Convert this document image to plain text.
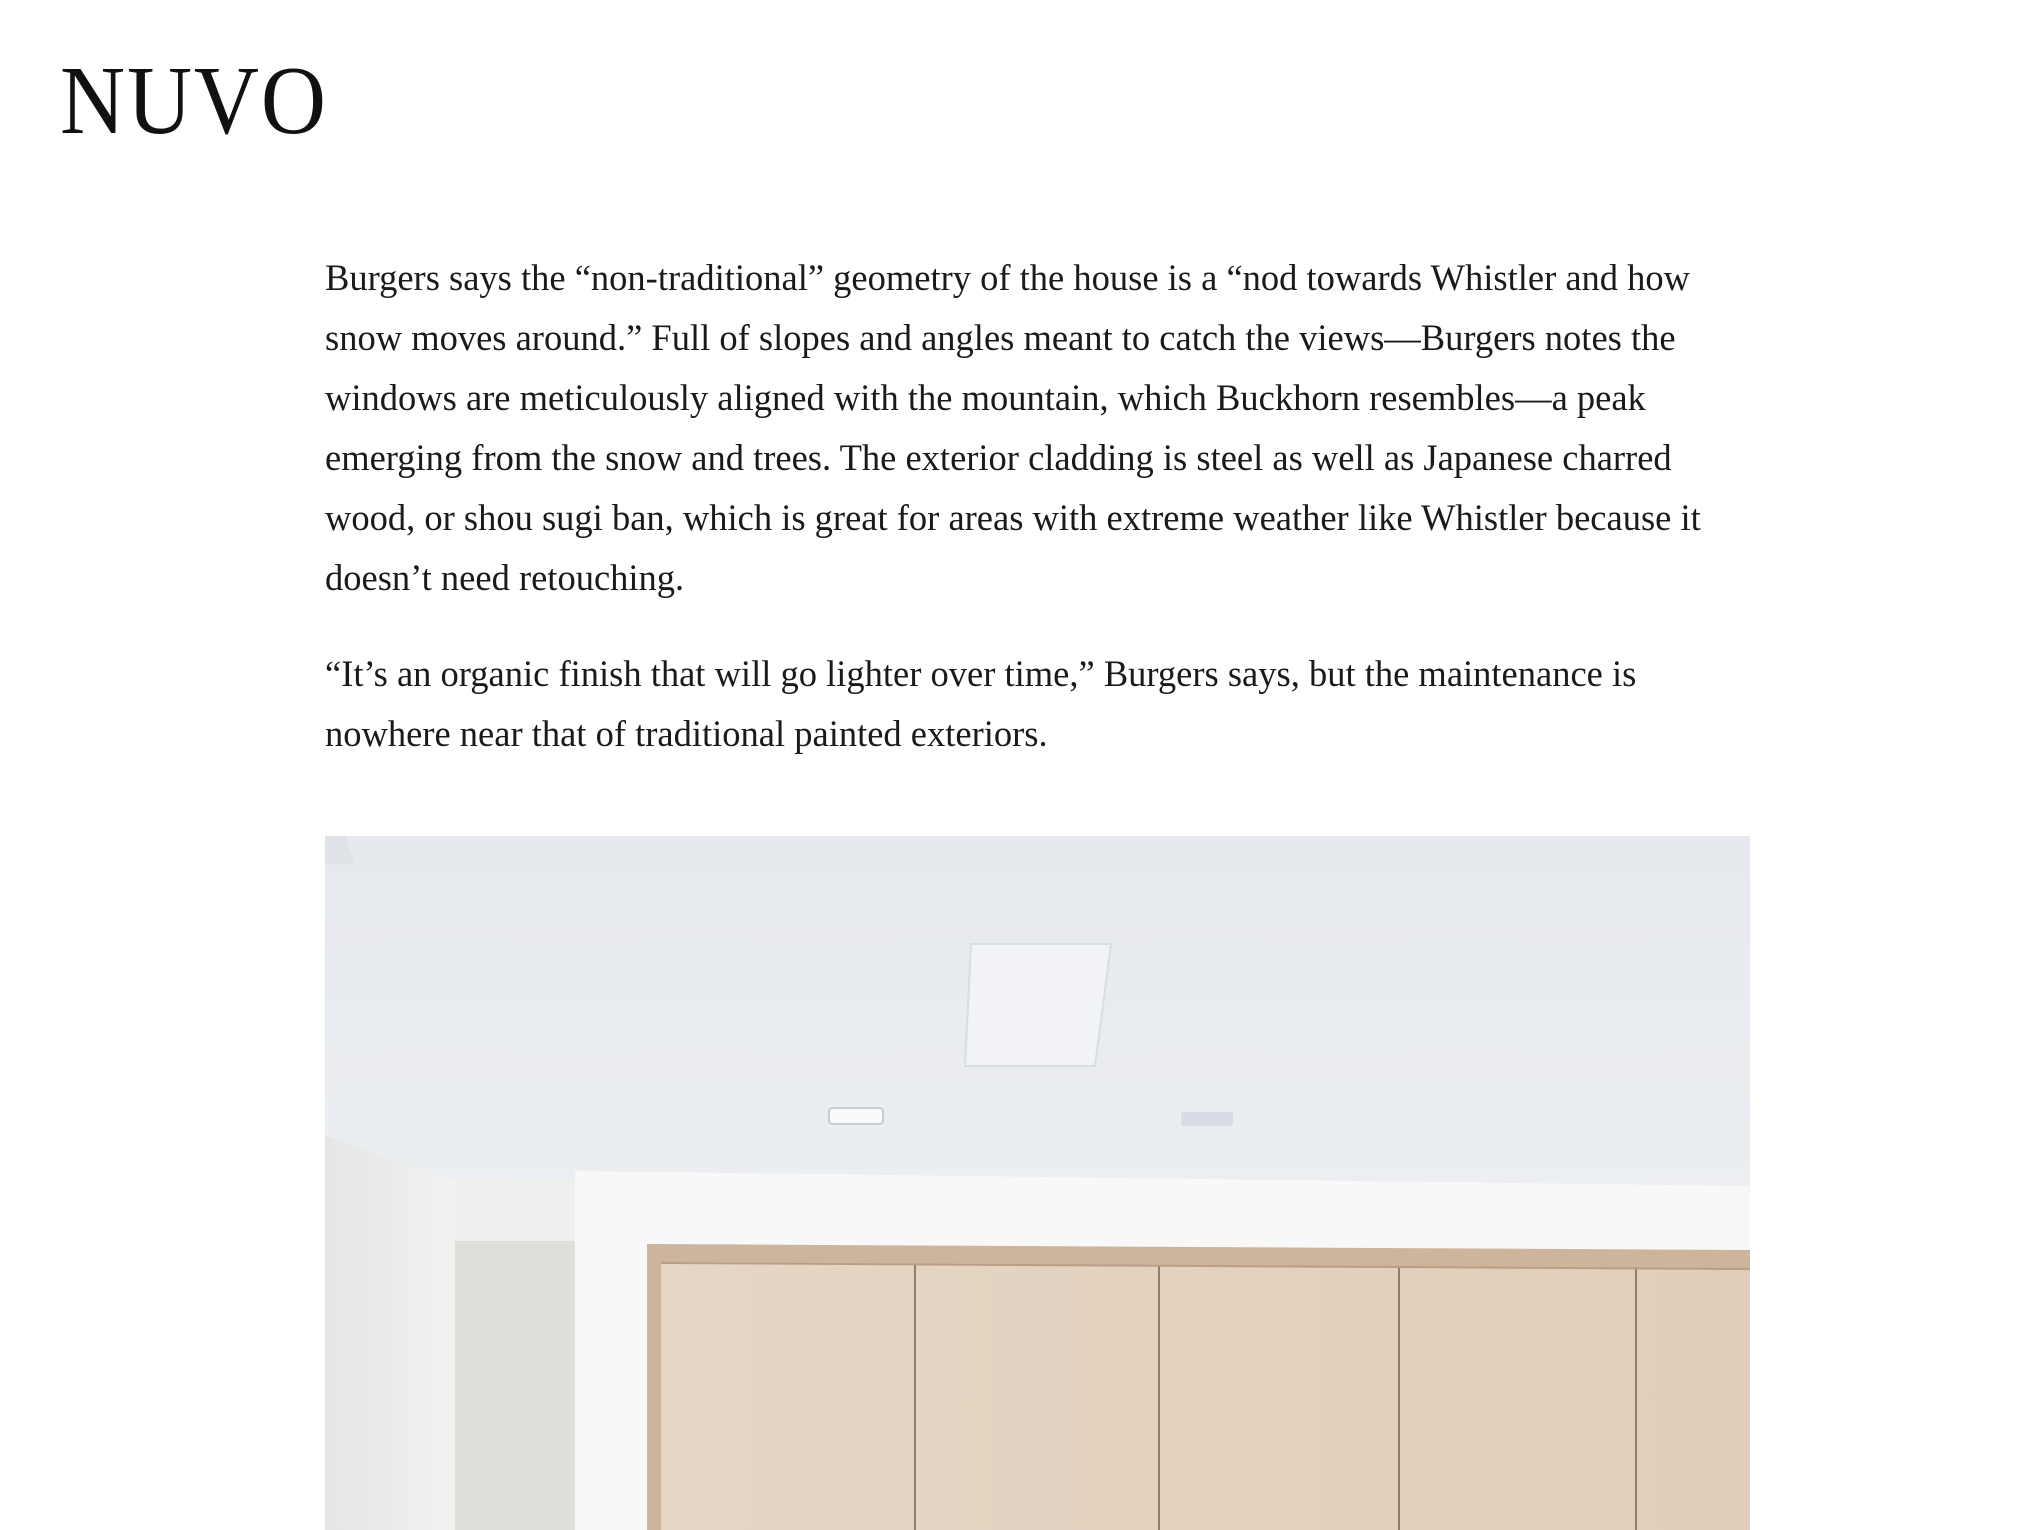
NUVO

Burgers says the “non-traditional” geometry of the house is a “nod towards Whistler and how snow moves around.” Full of slopes and angles meant to catch the views—Burgers notes the windows are meticulously aligned with the mountain, which Buckhorn resembles—a peak emerging from the snow and trees. The exterior cladding is steel as well as Japanese charred wood, or shou sugi ban, which is great for areas with extreme weather like Whistler because it doesn’t need retouching.

“It’s an organic finish that will go lighter over time,” Burgers says, but the maintenance is nowhere near that of traditional painted exteriors.
